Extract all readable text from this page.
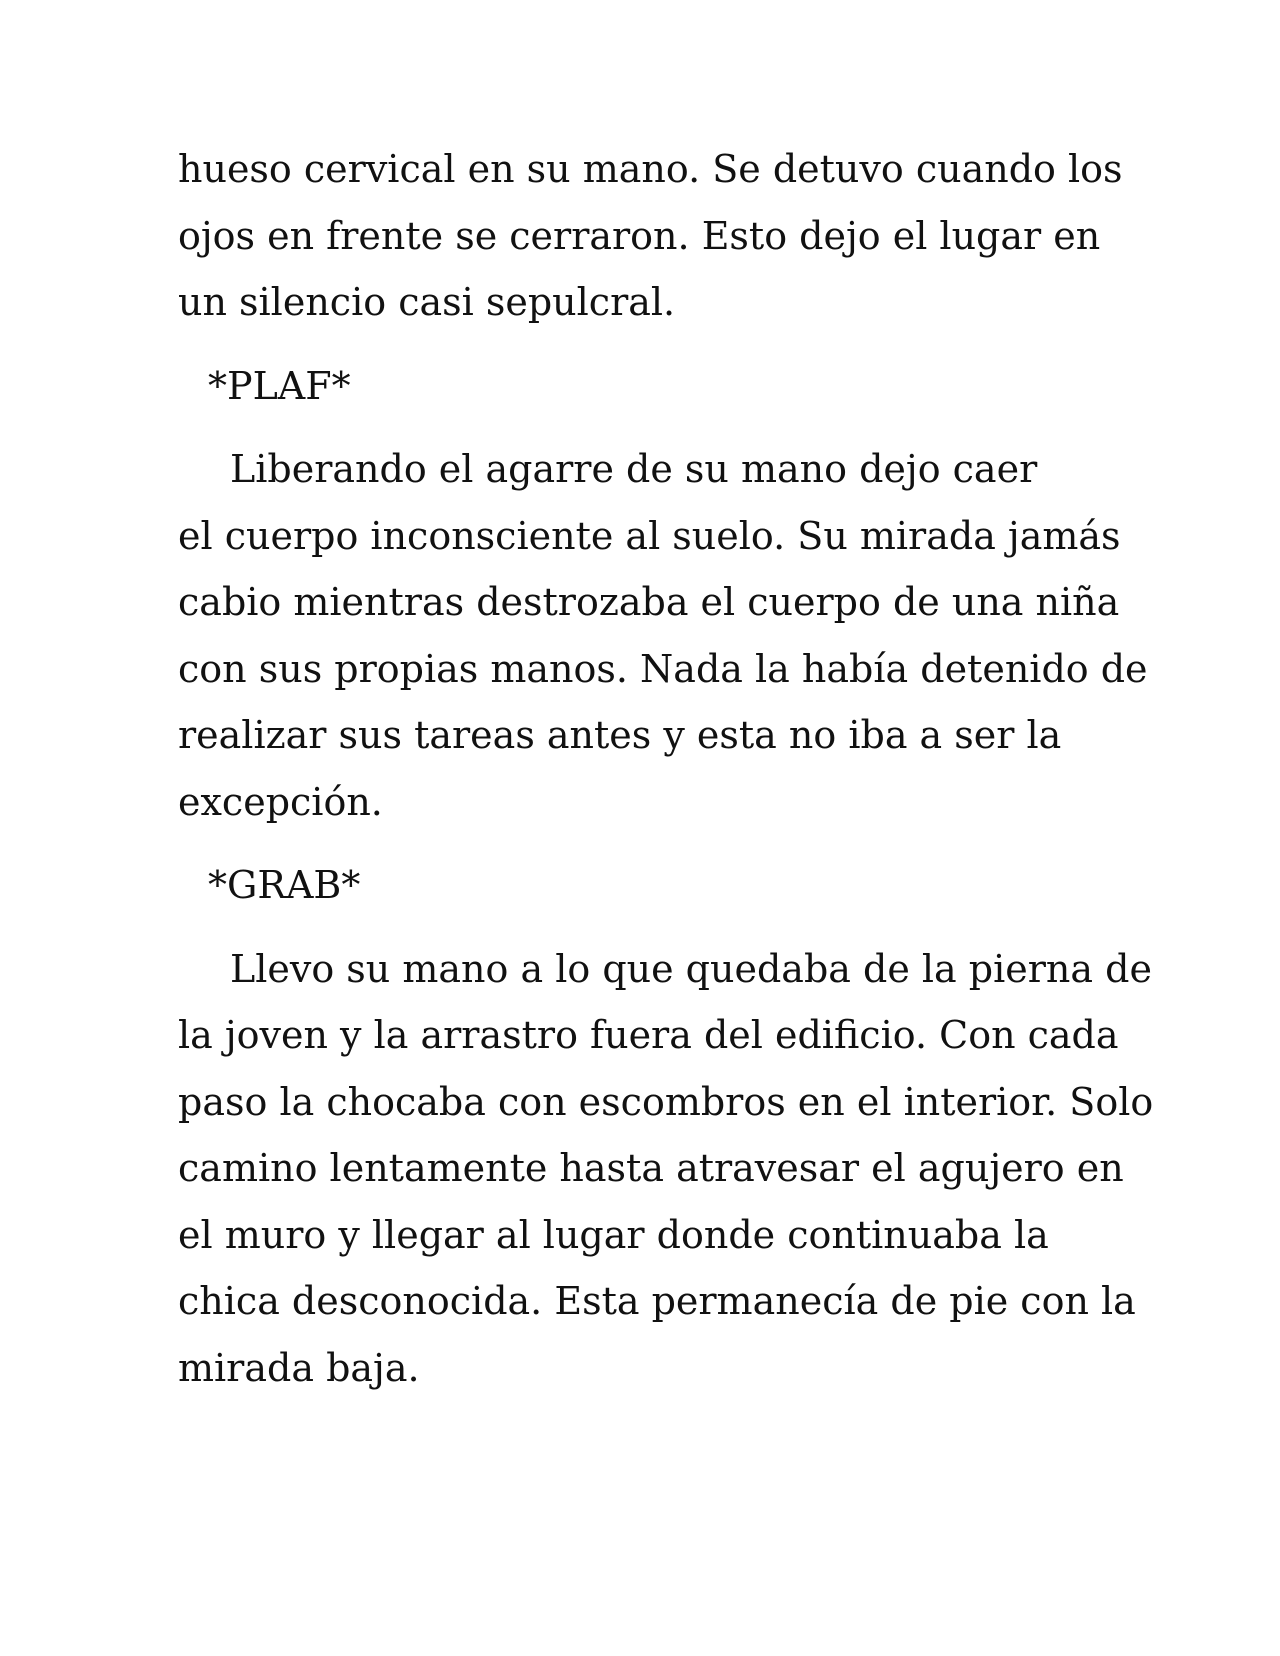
hueso cervical en su mano. Se detuvo cuando los
ojos en frente se cerraron. Esto dejo el lugar en
un silencio casi sepulcral.
*PLAF*
Liberando el agarre de su mano dejo caer
el cuerpo inconsciente al suelo. Su mirada jamás
cabio mientras destrozaba el cuerpo de una niña
con sus propias manos. Nada la había detenido de
realizar sus tareas antes y esta no iba a ser la
excepción.
*GRAB*
Llevo su mano a lo que quedaba de la pierna de
la joven y la arrastro fuera del edificio. Con cada
paso la chocaba con escombros en el interior. Solo
camino lentamente hasta atravesar el agujero en
el muro y llegar al lugar donde continuaba la
chica desconocida. Esta permanecía de pie con la
mirada baja.
